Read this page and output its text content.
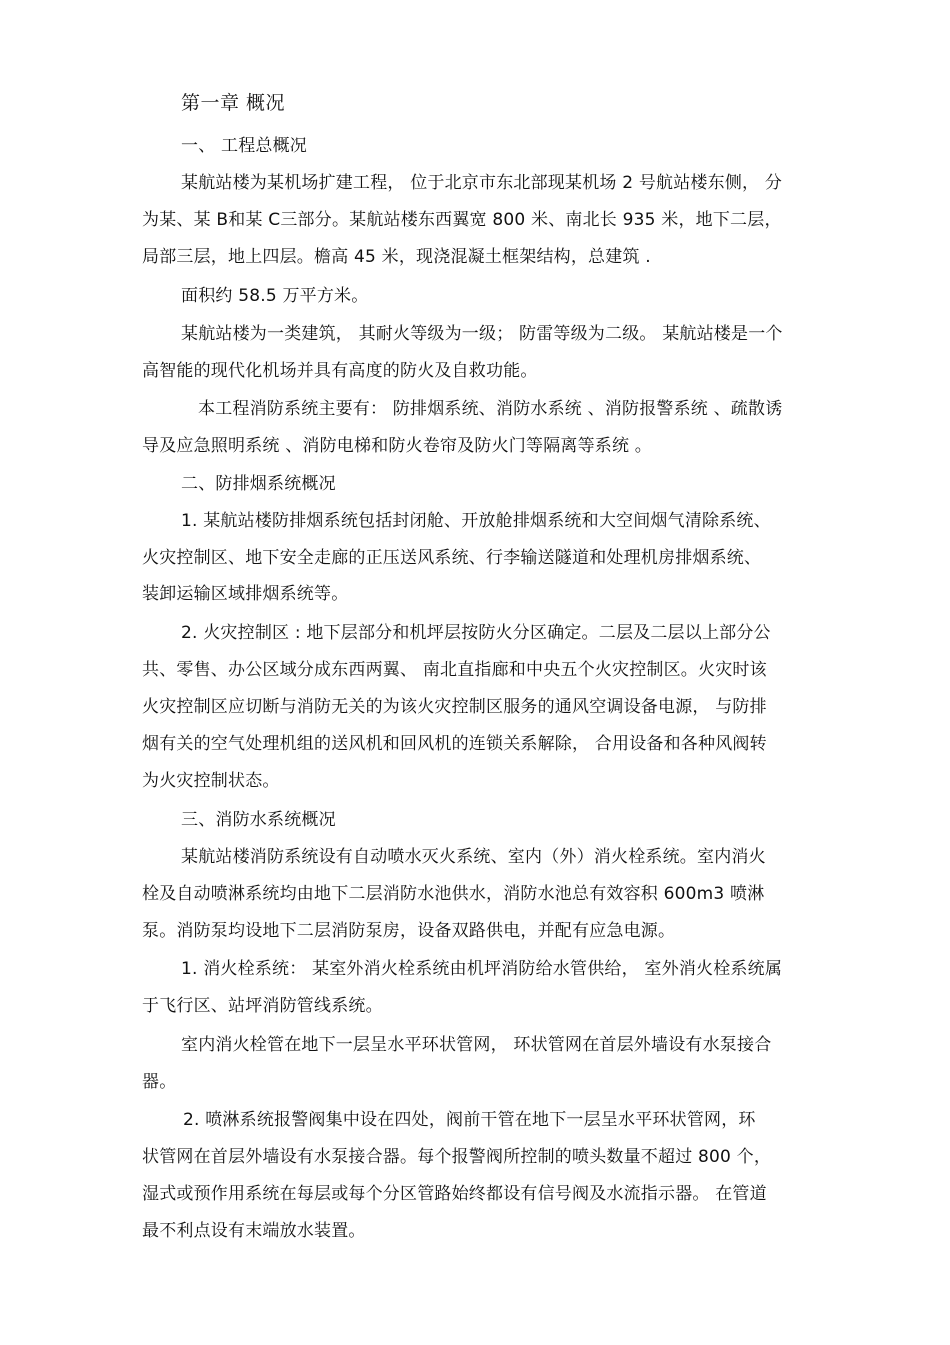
第一章 概况
一、 工程总概况
某航站楼为某机场扩建工程， 位于北京市东北部现某机场 2 号航站楼东侧， 分
为某、某 B和某 C三部分。某航站楼东西翼宽 800 米、南北长 935 米，地下二层，
局部三层，地上四层。檐高 45 米，现浇混凝土框架结构，总建筑 .
面积约 58.5 万平方米。
某航站楼为一类建筑， 其耐火等级为一级； 防雷等级为二级。 某航站楼是一个
高智能的现代化机场并具有高度的防火及自救功能。
本工程消防系统主要有： 防排烟系统、消防水系统 、消防报警系统 、疏散诱
导及应急照明系统 、消防电梯和防火卷帘及防火门等隔离等系统 。
二、防排烟系统概况
1. 某航站楼防排烟系统包括封闭舱、开放舱排烟系统和大空间烟气清除系统、
火灾控制区、地下安全走廊的正压送风系统、行李输送隧道和处理机房排烟系统、
装卸运输区域排烟系统等。
2. 火灾控制区 : 地下层部分和机坪层按防火分区确定。二层及二层以上部分公
共、零售、办公区域分成东西两翼、 南北直指廊和中央五个火灾控制区。火灾时该
火灾控制区应切断与消防无关的为该火灾控制区服务的通风空调设备电源， 与防排
烟有关的空气处理机组的送风机和回风机的连锁关系解除， 合用设备和各种风阀转
为火灾控制状态。
三、消防水系统概况
某航站楼消防系统设有自动喷水灭火系统、室内（外）消火栓系统。室内消火
栓及自动喷淋系统均由地下二层消防水池供水，消防水池总有效容积 600m3 喷淋
泵。消防泵均设地下二层消防泵房，设备双路供电，并配有应急电源。
1. 消火栓系统： 某室外消火栓系统由机坪消防给水管供给， 室外消火栓系统属
于飞行区、站坪消防管线系统。
室内消火栓管在地下一层呈水平环状管网， 环状管网在首层外墙设有水泵接合
器。
2. 喷淋系统报警阀集中设在四处，阀前干管在地下一层呈水平环状管网，环
状管网在首层外墙设有水泵接合器。每个报警阀所控制的喷头数量不超过 800 个，
湿式或预作用系统在每层或每个分区管路始终都设有信号阀及水流指示器。 在管道
最不利点设有末端放水装置。
